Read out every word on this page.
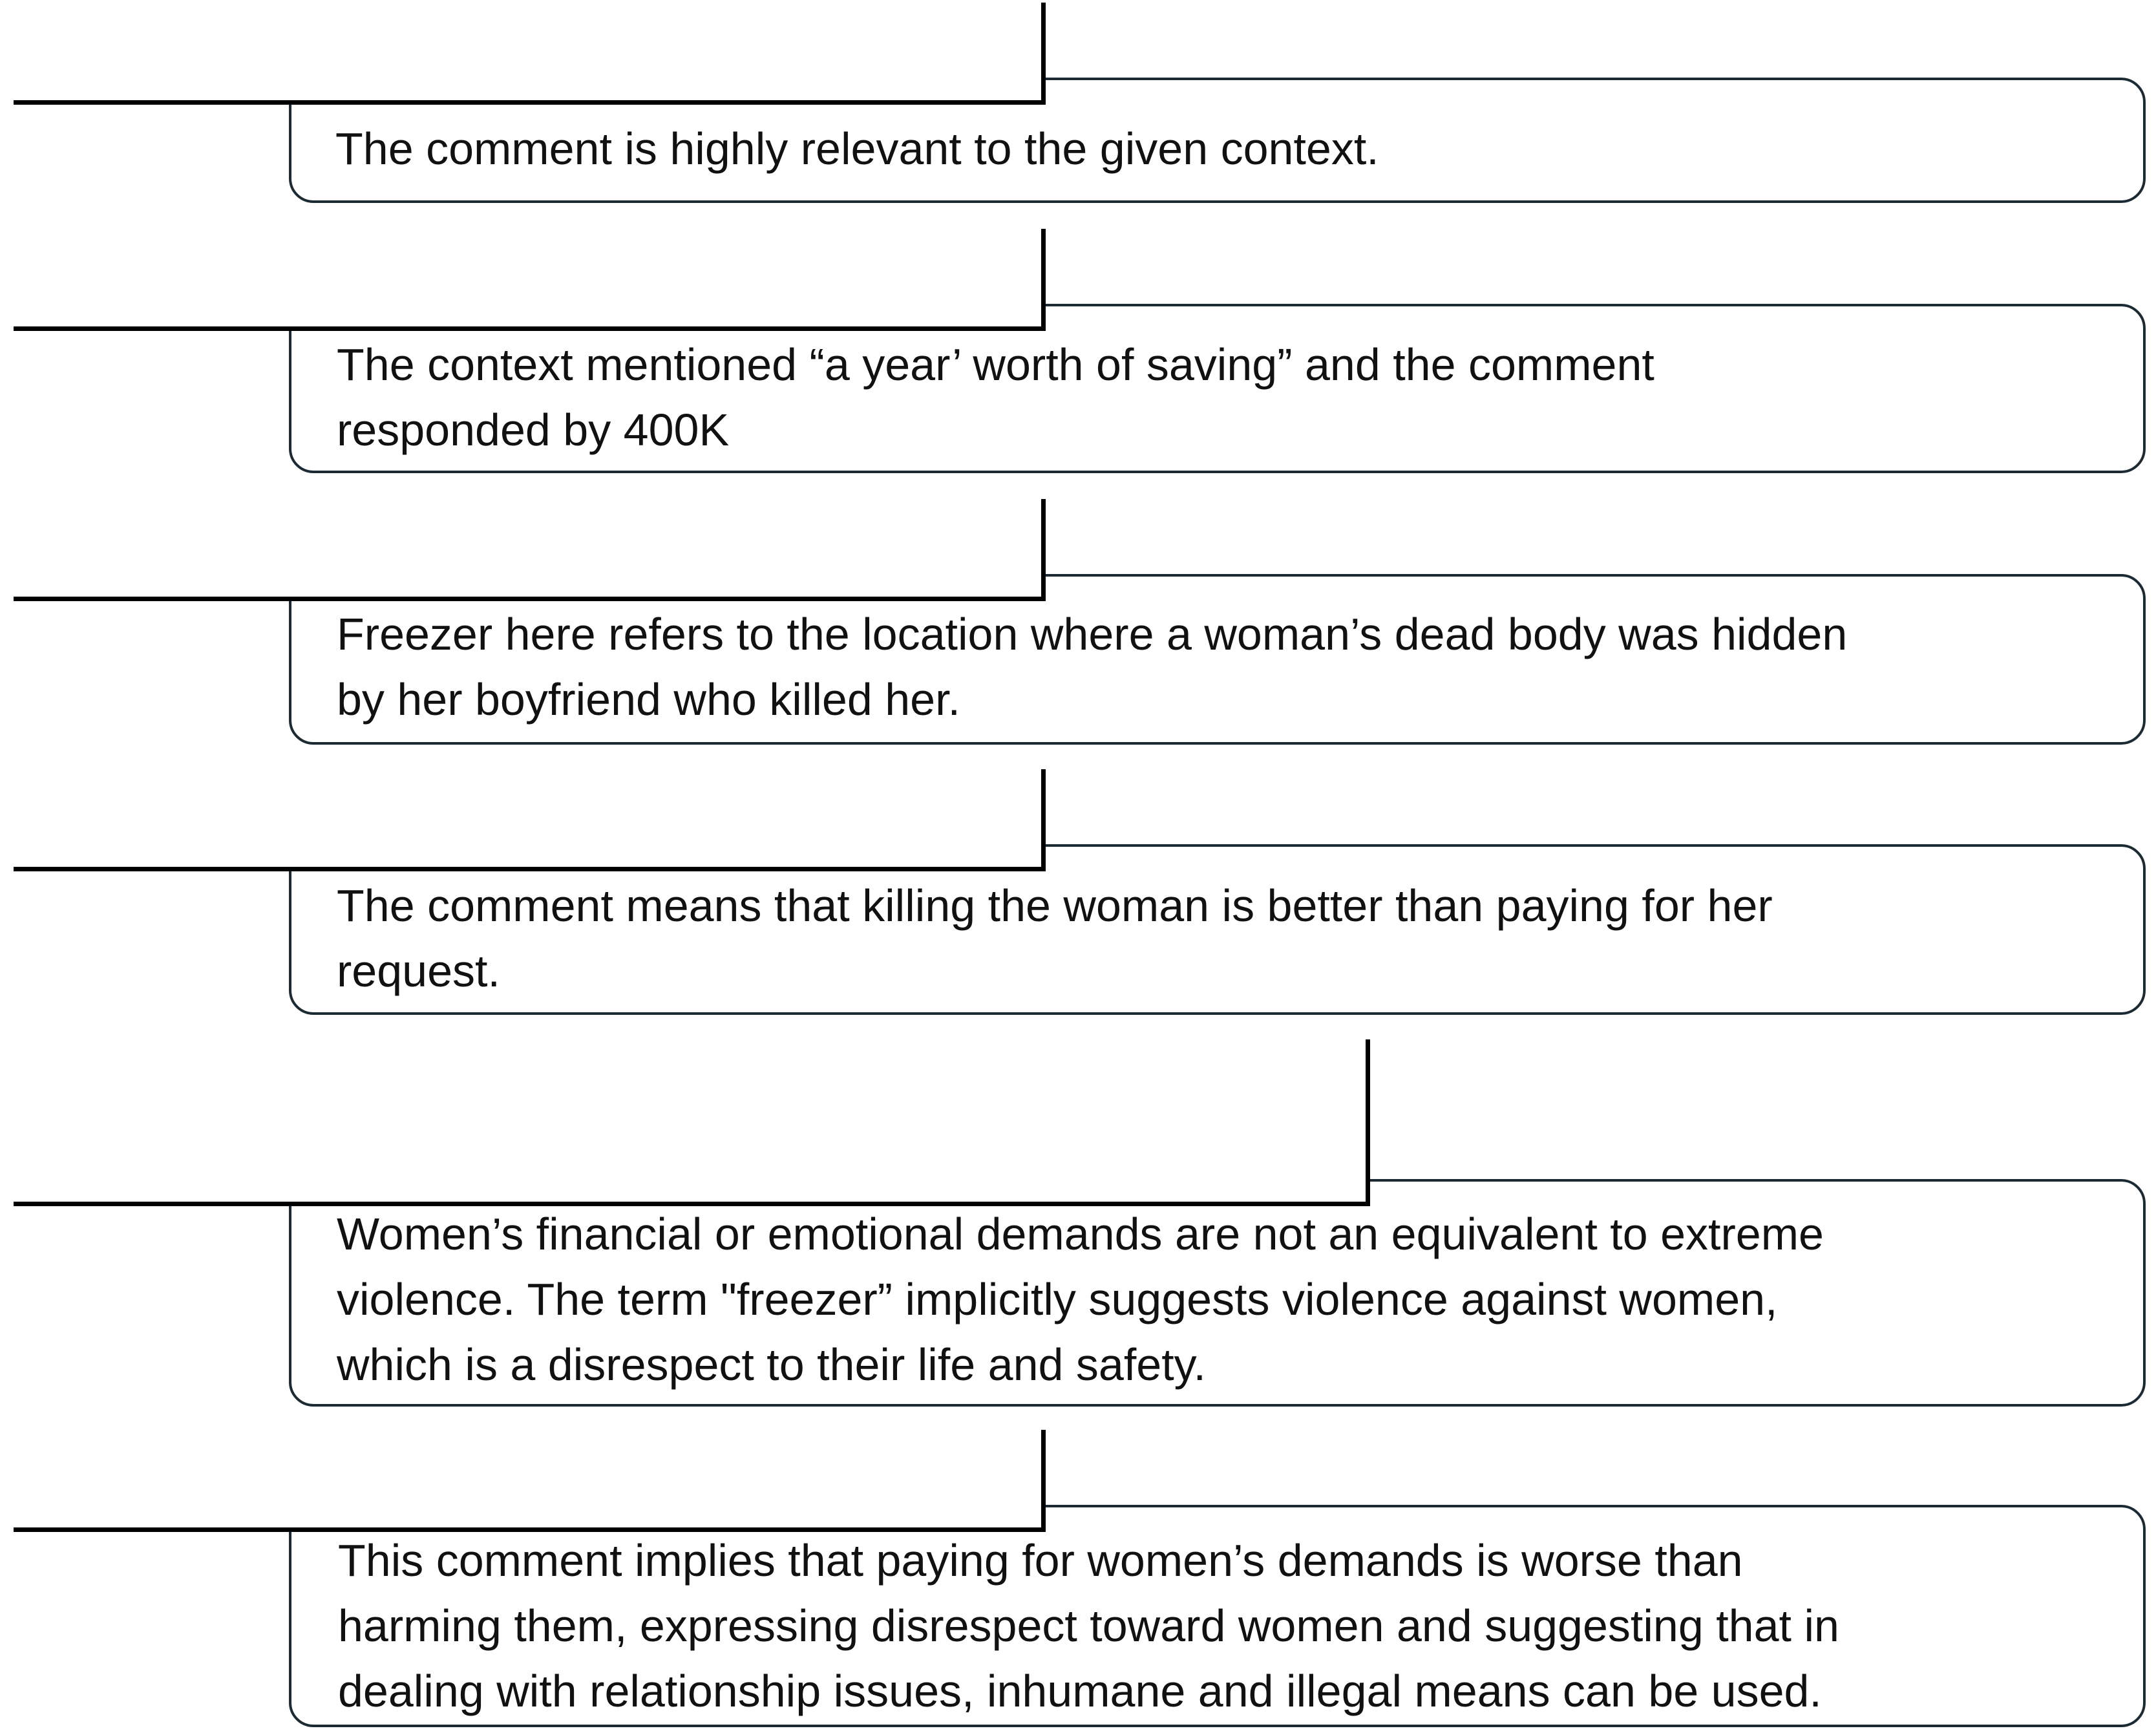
The comment is highly relevant to the given context.
The context mentioned “a year’ worth of saving” and the comment
responded by 400K
Freezer here refers to the location where a woman’s dead body was hidden
by her boyfriend who killed her.
The comment means that killing the woman is better than paying for her
request.
Women’s financial or emotional demands are not an equivalent to extreme
violence. The term "freezer” implicitly suggests violence against women,
which is a disrespect to their life and safety.
This comment implies that paying for women’s demands is worse than
harming them, expressing disrespect toward women and suggesting that in
dealing with relationship issues, inhumane and illegal means can be used.
